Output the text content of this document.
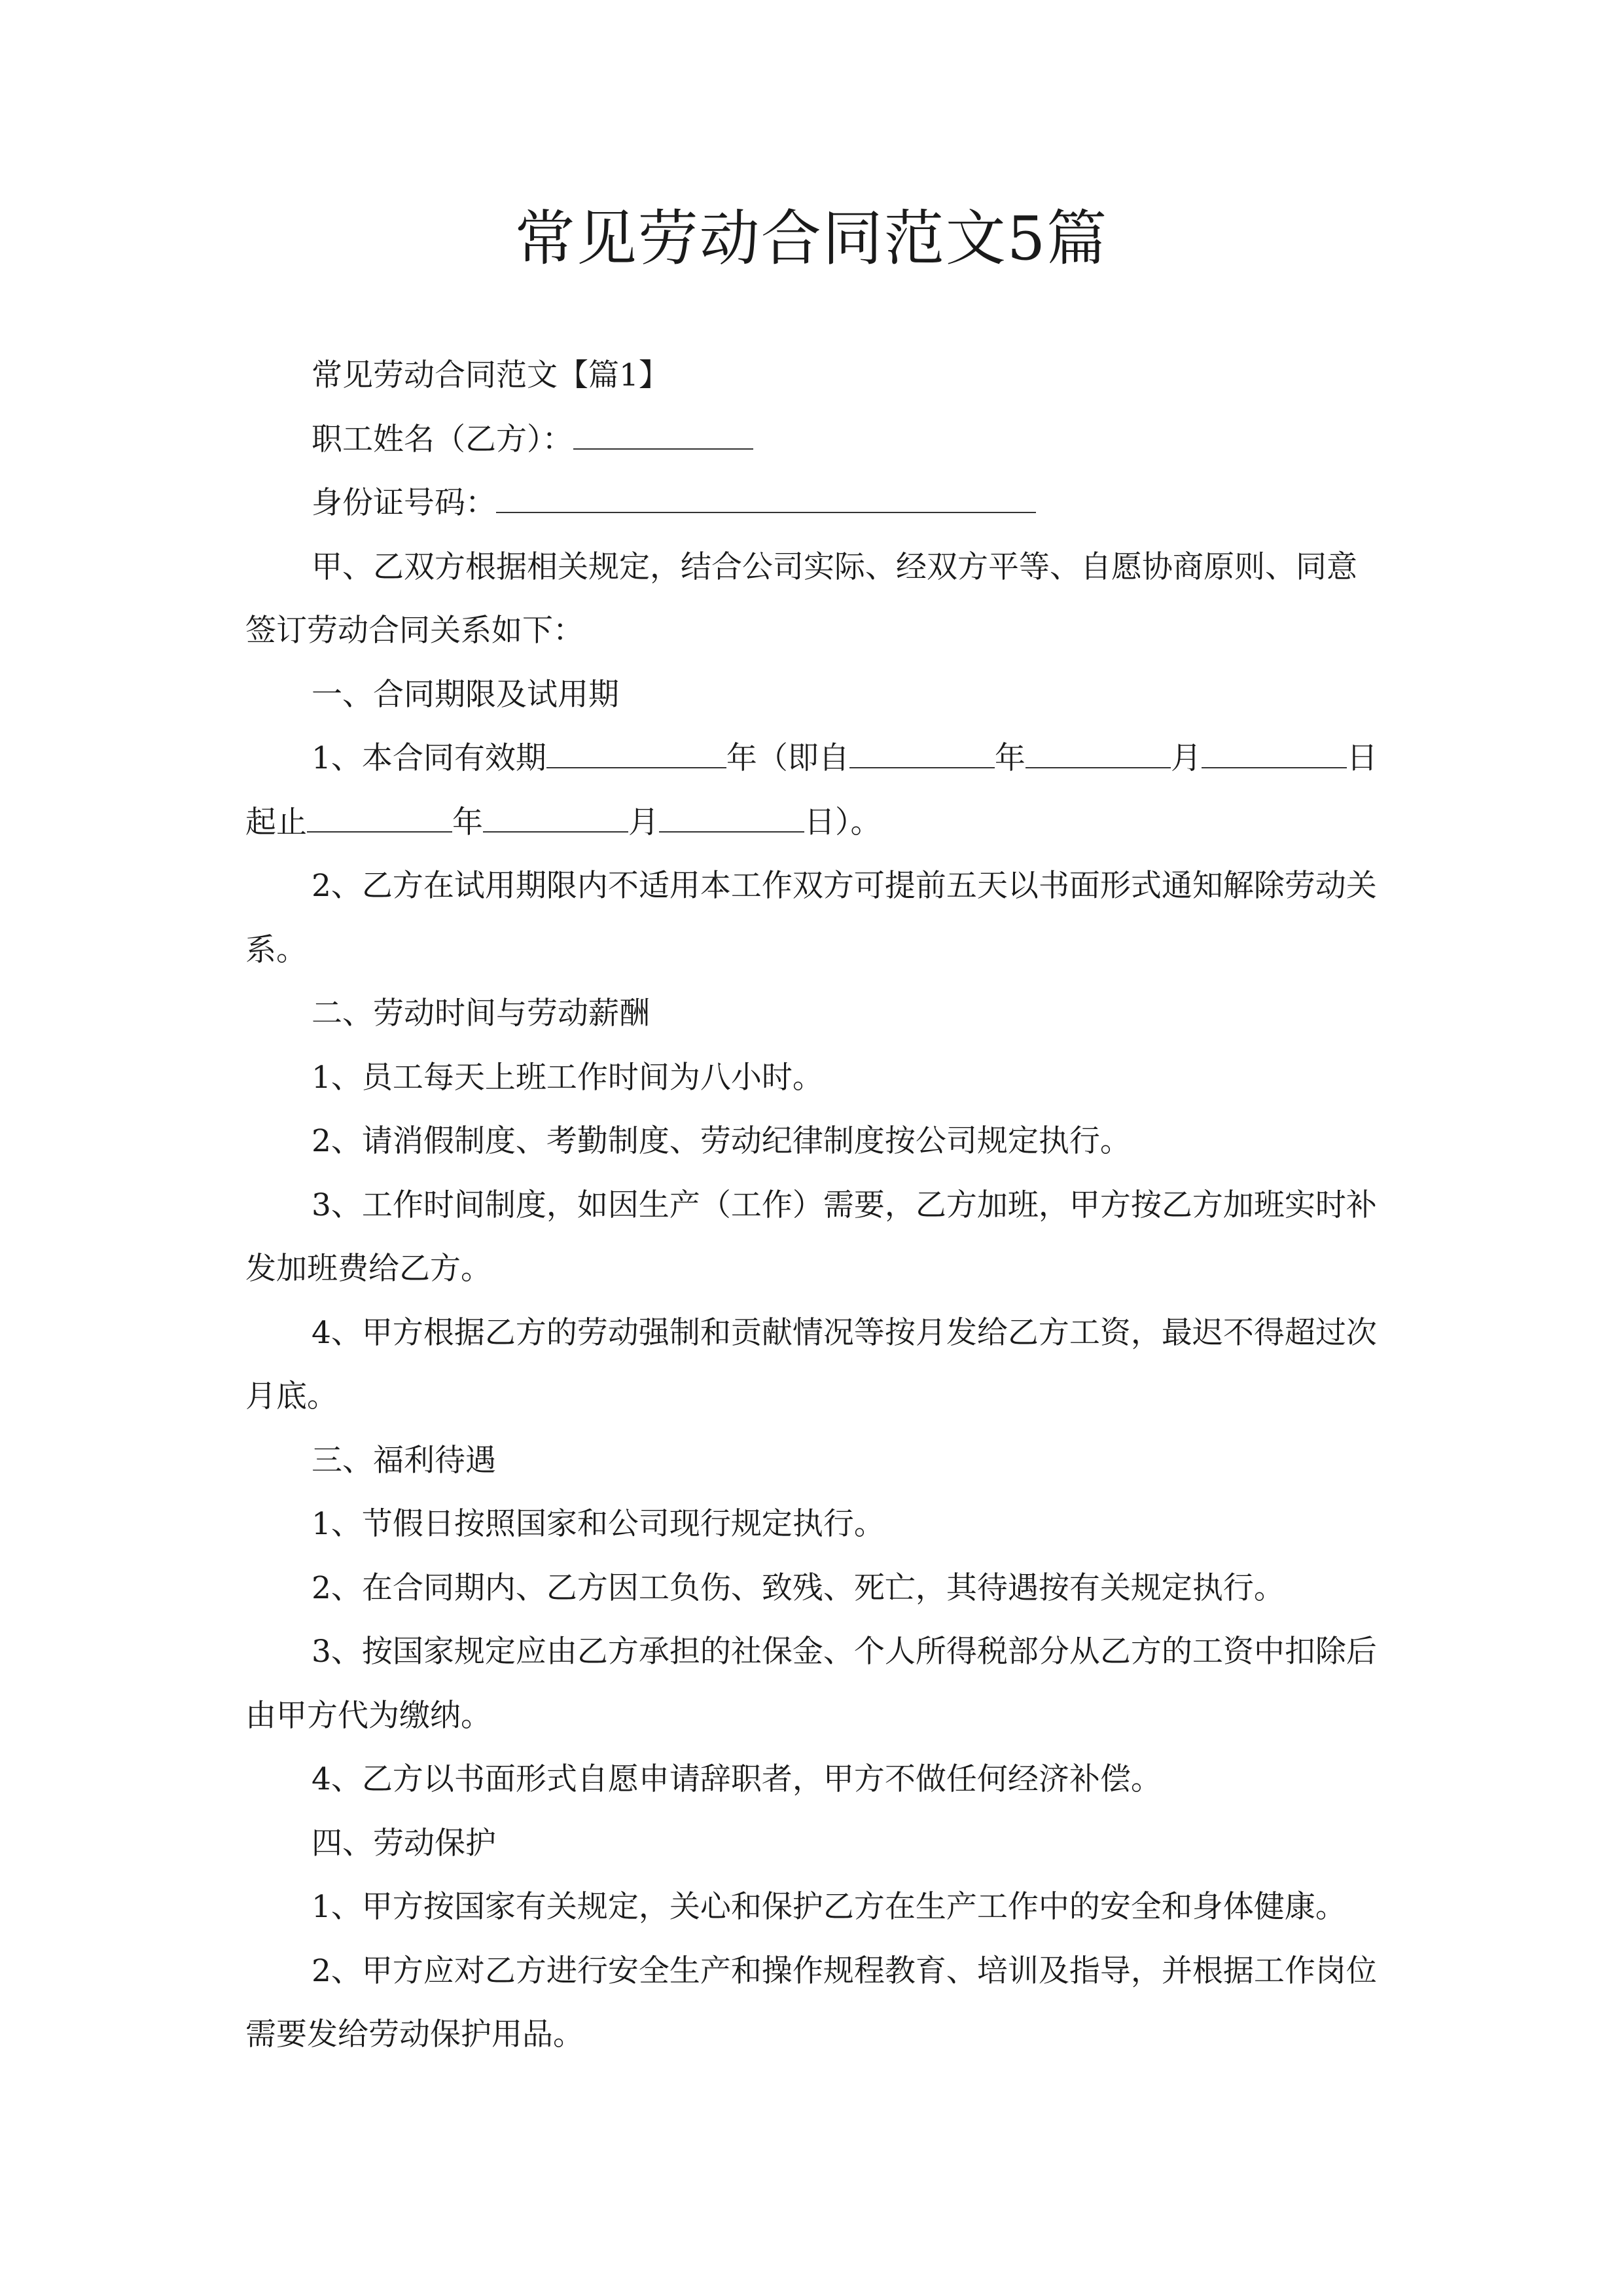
常见劳动合同范文5篇

常见劳动合同范文【篇1】

职工姓名（乙方）：

身份证号码：

甲、乙双方根据相关规定，结合公司实际、经双方平等、自愿协商原则、同意签订劳动合同关系如下：

一、合同期限及试用期

1、本合同有效期	年（即自	年	月	日起止	年	月	日）。

2、乙方在试用期限内不适用本工作双方可提前五天以书面形式通知解除劳动关系。

二、劳动时间与劳动薪酬

1、员工每天上班工作时间为八小时。

2、请消假制度、考勤制度、劳动纪律制度按公司规定执行。

3、工作时间制度，如因生产（工作）需要，乙方加班，甲方按乙方加班实时补发加班费给乙方。

4、甲方根据乙方的劳动强制和贡献情况等按月发给乙方工资，最迟不得超过次月底。

三、福利待遇

1、节假日按照国家和公司现行规定执行。

2、在合同期内、乙方因工负伤、致残、死亡，其待遇按有关规定执行。

3、按国家规定应由乙方承担的社保金、个人所得税部分从乙方的工资中扣除后由甲方代为缴纳。

4、乙方以书面形式自愿申请辞职者，甲方不做任何经济补偿。

四、劳动保护

1、甲方按国家有关规定，关心和保护乙方在生产工作中的安全和身体健康。

2、甲方应对乙方进行安全生产和操作规程教育、培训及指导，并根据工作岗位需要发给劳动保护用品。
